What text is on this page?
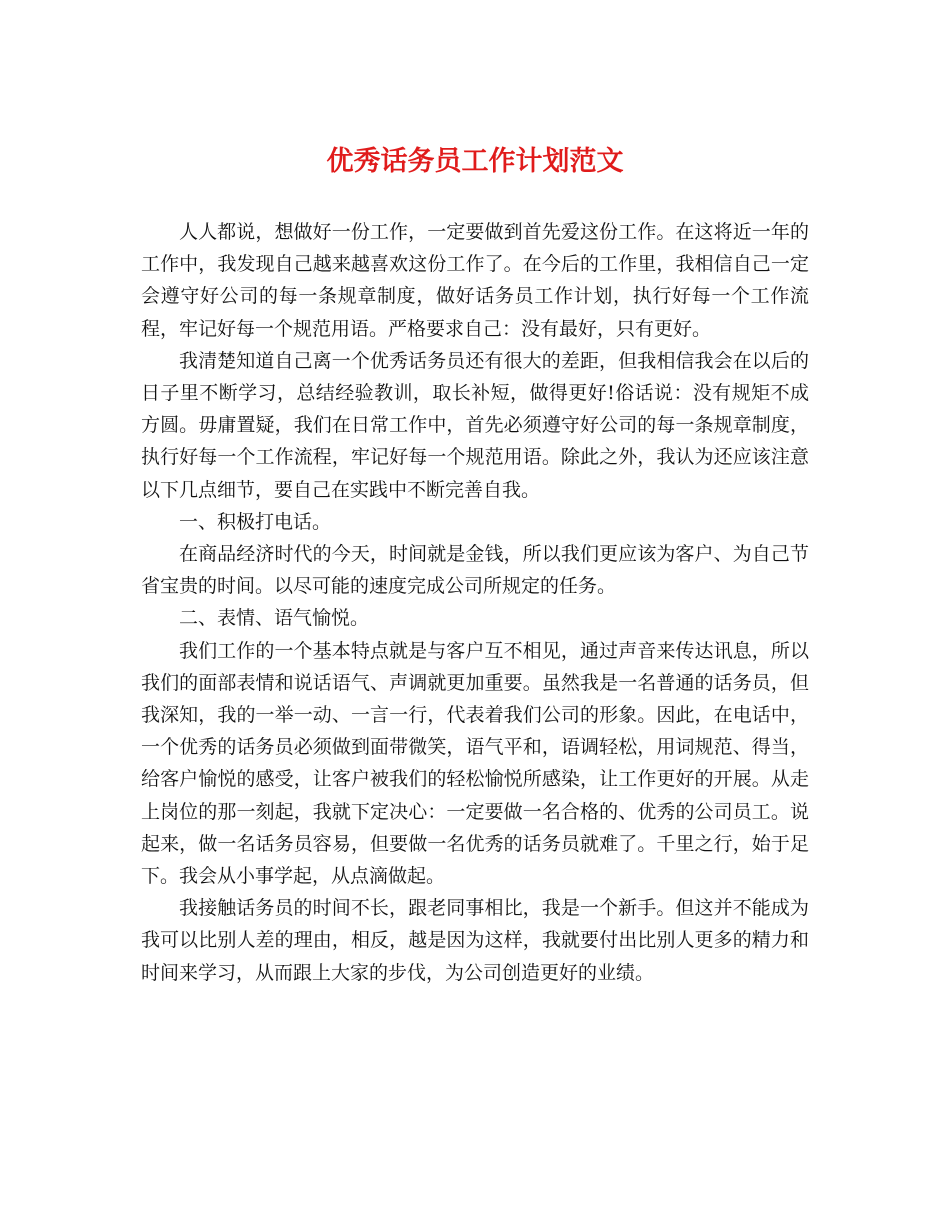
优秀话务员工作计划范文

人人都说，想做好一份工作，一定要做到首先爱这份工作。在这将近一年的工作中，我发现自己越来越喜欢这份工作了。在今后的工作里，我相信自己一定会遵守好公司的每一条规章制度，做好话务员工作计划，执行好每一个工作流程，牢记好每一个规范用语。严格要求自己：没有最好，只有更好。

我清楚知道自己离一个优秀话务员还有很大的差距，但我相信我会在以后的日子里不断学习，总结经验教训，取长补短，做得更好!俗话说：没有规矩不成方圆。毋庸置疑，我们在日常工作中，首先必须遵守好公司的每一条规章制度，执行好每一个工作流程，牢记好每一个规范用语。除此之外，我认为还应该注意以下几点细节，要自己在实践中不断完善自我。

一、积极打电话。

在商品经济时代的今天，时间就是金钱，所以我们更应该为客户、为自己节省宝贵的时间。以尽可能的速度完成公司所规定的任务。

二、表情、语气愉悦。

我们工作的一个基本特点就是与客户互不相见，通过声音来传达讯息，所以我们的面部表情和说话语气、声调就更加重要。虽然我是一名普通的话务员，但我深知，我的一举一动、一言一行，代表着我们公司的形象。因此，在电话中，一个优秀的话务员必须做到面带微笑，语气平和，语调轻松，用词规范、得当，给客户愉悦的感受，让客户被我们的轻松愉悦所感染，让工作更好的开展。从走上岗位的那一刻起，我就下定决心：一定要做一名合格的、优秀的公司员工。说起来，做一名话务员容易，但要做一名优秀的话务员就难了。千里之行，始于足下。我会从小事学起，从点滴做起。

我接触话务员的时间不长，跟老同事相比，我是一个新手。但这并不能成为我可以比别人差的理由，相反，越是因为这样，我就要付出比别人更多的精力和时间来学习，从而跟上大家的步伐，为公司创造更好的业绩。
